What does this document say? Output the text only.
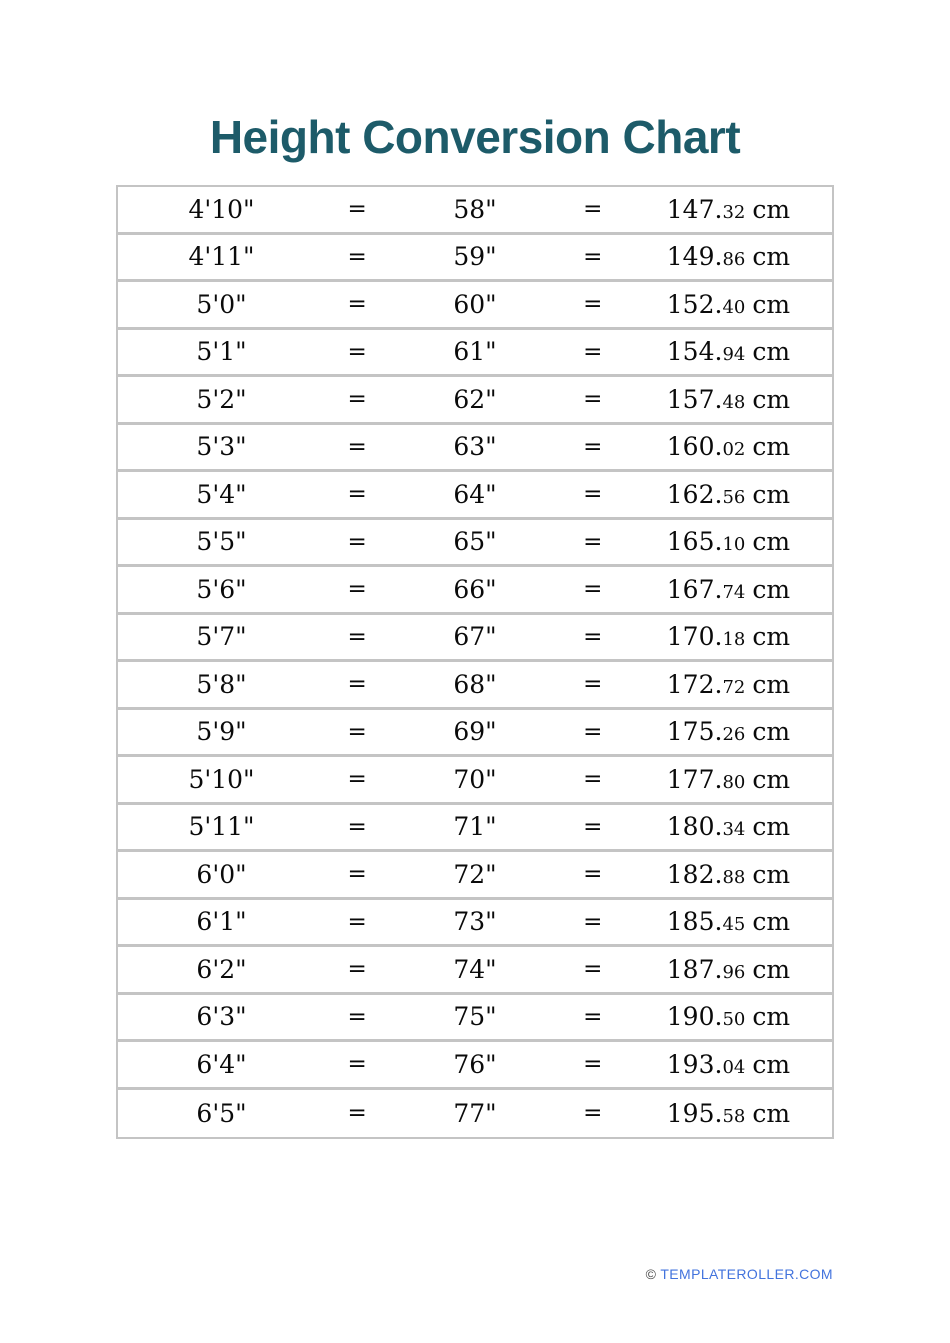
Height Conversion Chart
4'10"	=	58"	=	147.32 cm
4'11"	=	59"	=	149.86 cm
5'0"	=	60"	=	152.40 cm
5'1"	=	61"	=	154.94 cm
5'2"	=	62"	=	157.48 cm
5'3"	=	63"	=	160.02 cm
5'4"	=	64"	=	162.56 cm
5'5"	=	65"	=	165.10 cm
5'6"	=	66"	=	167.74 cm
5'7"	=	67"	=	170.18 cm
5'8"	=	68"	=	172.72 cm
5'9"	=	69"	=	175.26 cm
5'10"	=	70"	=	177.80 cm
5'11"	=	71"	=	180.34 cm
6'0"	=	72"	=	182.88 cm
6'1"	=	73"	=	185.45 cm
6'2"	=	74"	=	187.96 cm
6'3"	=	75"	=	190.50 cm
6'4"	=	76"	=	193.04 cm
6'5"	=	77"	=	195.58 cm
© TEMPLATEROLLER.COM
